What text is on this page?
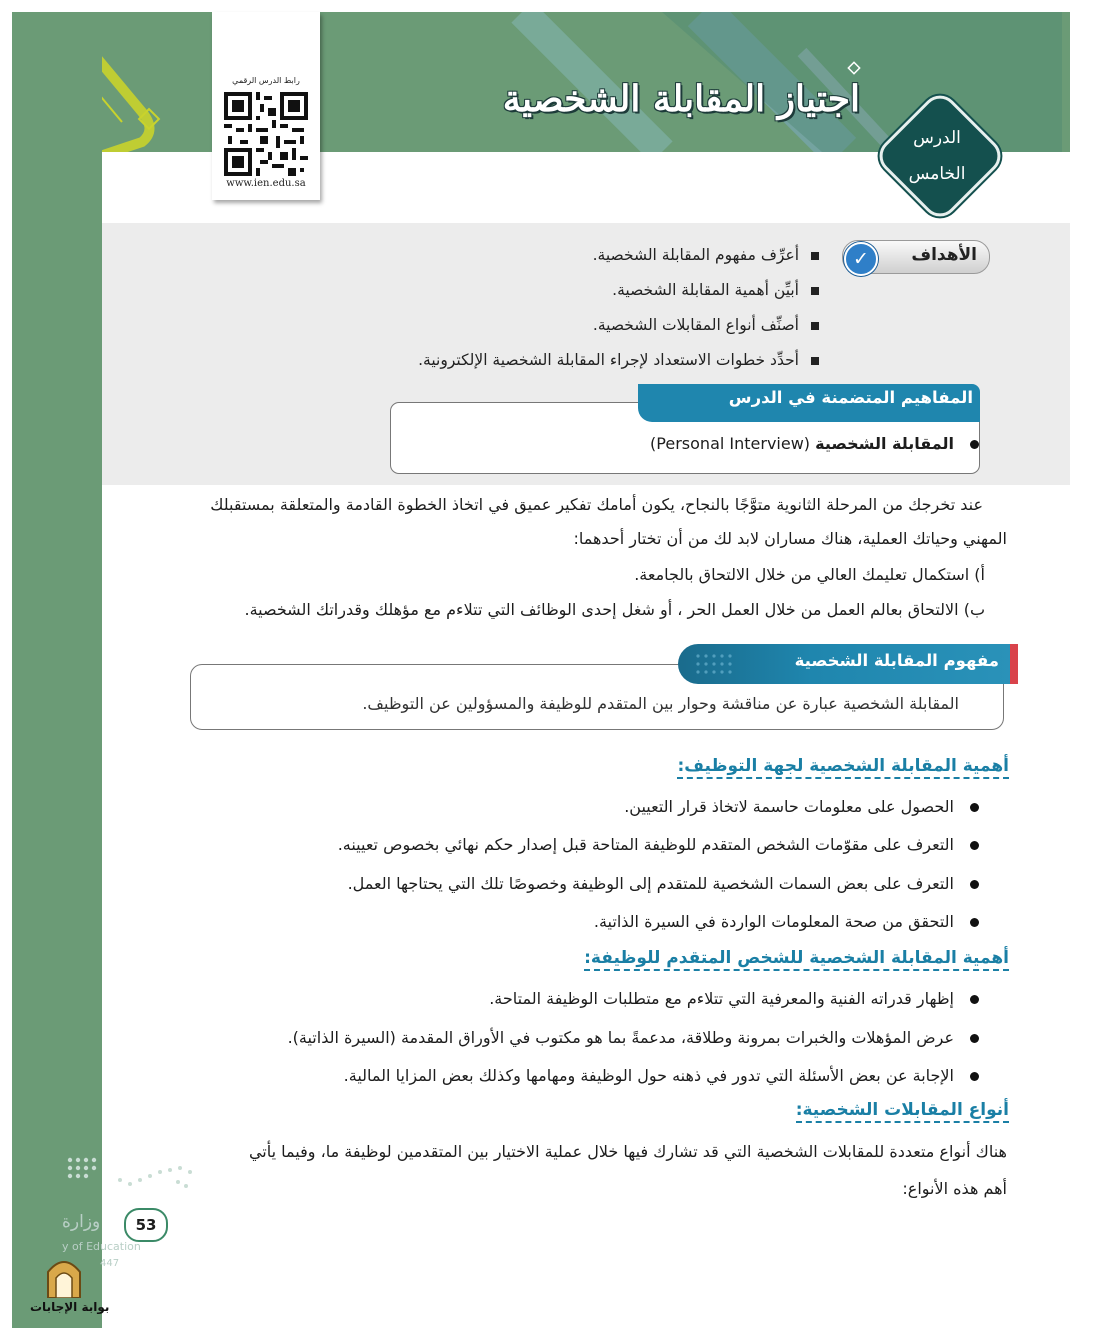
رابط الدرس الرقمي
www.ien.edu.sa
اجتياز المقابلة الشخصية
الدرس
الخامس
الأهداف
✓
أعرِّف مفهوم المقابلة الشخصية.
أبيِّن أهمية المقابلة الشخصية.
أصنِّف أنواع المقابلات الشخصية.
أحدِّد خطوات الاستعداد لإجراء المقابلة الشخصية الإلكترونية.
المفاهيم المتضمنة في الدرس
المقابلة الشخصية (Personal Interview)
عند تخرجك من المرحلة الثانوية متوَّجًا بالنجاح، يكون أمامك تفكير عميق في اتخاذ الخطوة القادمة والمتعلقة بمستقبلك
المهني وحياتك العملية، هناك مساران لابد لك من أن تختار أحدهما:
أ) استكمال تعليمك العالي من خلال الالتحاق بالجامعة.
ب) الالتحاق بعالم العمل من خلال العمل الحر ، أو شغل إحدى الوظائف التي تتلاءم مع مؤهلك وقدراتك الشخصية.
مفهوم المقابلة الشخصية
المقابلة الشخصية عبارة عن مناقشة وحوار بين المتقدم للوظيفة والمسؤولين عن التوظيف.
أهمية المقابلة الشخصية لجهة التوظيف:
الحصول على معلومات حاسمة لاتخاذ قرار التعيين.
التعرف على مقوّمات الشخص المتقدم للوظيفة المتاحة قبل إصدار حكم نهائي بخصوص تعيينه.
التعرف على بعض السمات الشخصية للمتقدم إلى الوظيفة وخصوصًا تلك التي يحتاجها العمل.
التحقق من صحة المعلومات الواردة في السيرة الذاتية.
أهمية المقابلة الشخصية للشخص المتقدم للوظيفة:
إظهار قدراته الفنية والمعرفية التي تتلاءم مع متطلبات الوظيفة المتاحة.
عرض المؤهلات والخبرات بمرونة وطلاقة، مدعمةً بما هو مكتوب في الأوراق المقدمة (السيرة الذاتية).
الإجابة عن بعض الأسئلة التي تدور في ذهنه حول الوظيفة ومهامها وكذلك بعض المزايا المالية.
أنواع المقابلات الشخصية:
هناك أنواع متعددة للمقابلات الشخصية التي قد تشارك فيها خلال عملية الاختيار بين المتقدمين لوظيفة ما، وفيما يأتي
أهم هذه الأنواع:
وزارة
y of Education
447
53
بوابة الإجابات
